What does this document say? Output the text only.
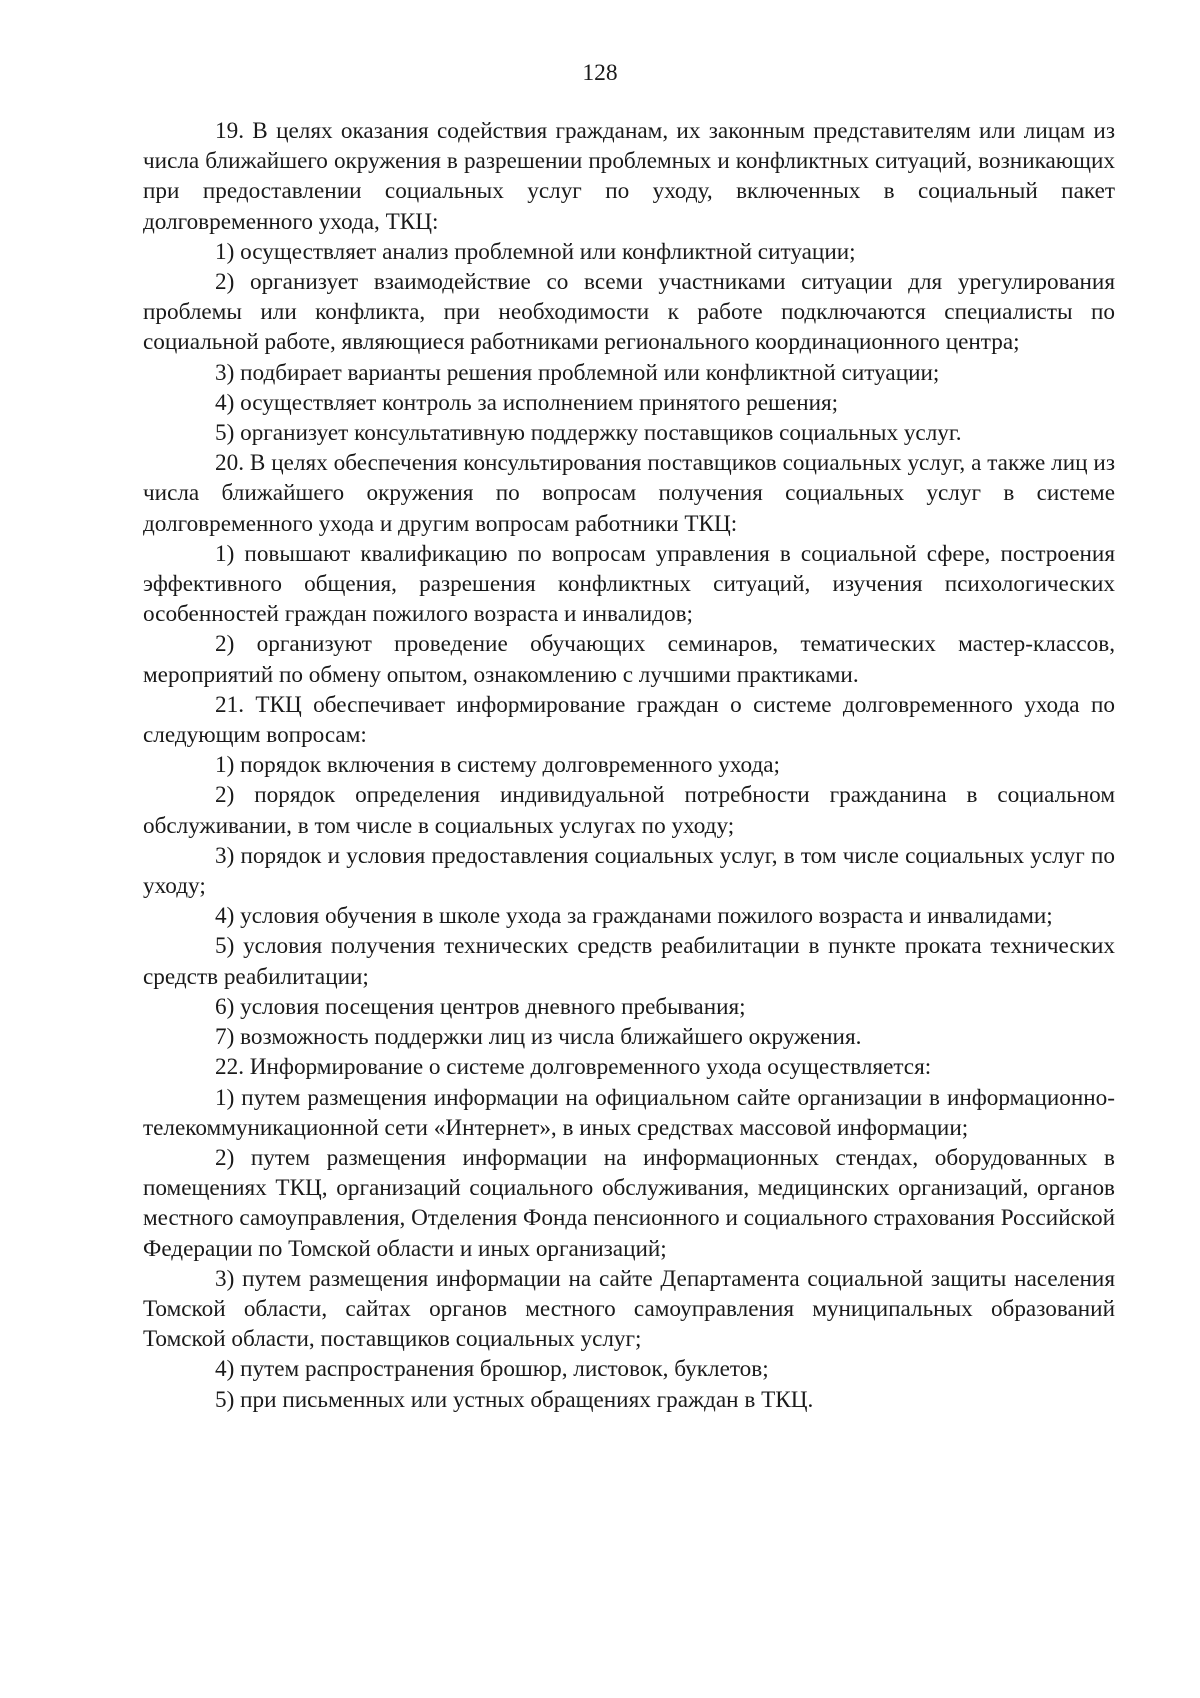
128

19. В целях оказания содействия гражданам, их законным представителям или лицам из числа ближайшего окружения в разрешении проблемных и конфликтных ситуаций, возникающих при предоставлении социальных услуг по уходу, включенных в социальный пакет долговременного ухода, ТКЦ:

1) осуществляет анализ проблемной или конфликтной ситуации;

2) организует взаимодействие со всеми участниками ситуации для урегулирования проблемы или конфликта, при необходимости к работе подключаются специалисты по социальной работе, являющиеся работниками регионального координационного центра;

3) подбирает варианты решения проблемной или конфликтной ситуации;

4) осуществляет контроль за исполнением принятого решения;

5) организует консультативную поддержку поставщиков социальных услуг.

20. В целях обеспечения консультирования поставщиков социальных услуг, а также лиц из числа ближайшего окружения по вопросам получения социальных услуг в системе долговременного ухода и другим вопросам работники ТКЦ:

1) повышают квалификацию по вопросам управления в социальной сфере, построения эффективного общения, разрешения конфликтных ситуаций, изучения психологических особенностей граждан пожилого возраста и инвалидов;

2) организуют проведение обучающих семинаров, тематических мастер-классов, мероприятий по обмену опытом, ознакомлению с лучшими практиками.

21. ТКЦ обеспечивает информирование граждан о системе долговременного ухода по следующим вопросам:

1) порядок включения в систему долговременного ухода;

2) порядок определения индивидуальной потребности гражданина в социальном обслуживании, в том числе в социальных услугах по уходу;

3) порядок и условия предоставления социальных услуг, в том числе социальных услуг по уходу;

4) условия обучения в школе ухода за гражданами пожилого возраста и инвалидами;

5) условия получения технических средств реабилитации в пункте проката технических средств реабилитации;

6) условия посещения центров дневного пребывания;

7) возможность поддержки лиц из числа ближайшего окружения.

22. Информирование о системе долговременного ухода осуществляется:

1) путем размещения информации на официальном сайте организации в информационно-телекоммуникационной сети «Интернет», в иных средствах массовой информации;

2) путем размещения информации на информационных стендах, оборудованных в помещениях ТКЦ, организаций социального обслуживания, медицинских организаций, органов местного самоуправления, Отделения Фонда пенсионного и социального страхования Российской Федерации по Томской области и иных организаций;

3) путем размещения информации на сайте Департамента социальной защиты населения Томской области, сайтах органов местного самоуправления муниципальных образований Томской области, поставщиков социальных услуг;

4) путем распространения брошюр, листовок, буклетов;

5) при письменных или устных обращениях граждан в ТКЦ.
